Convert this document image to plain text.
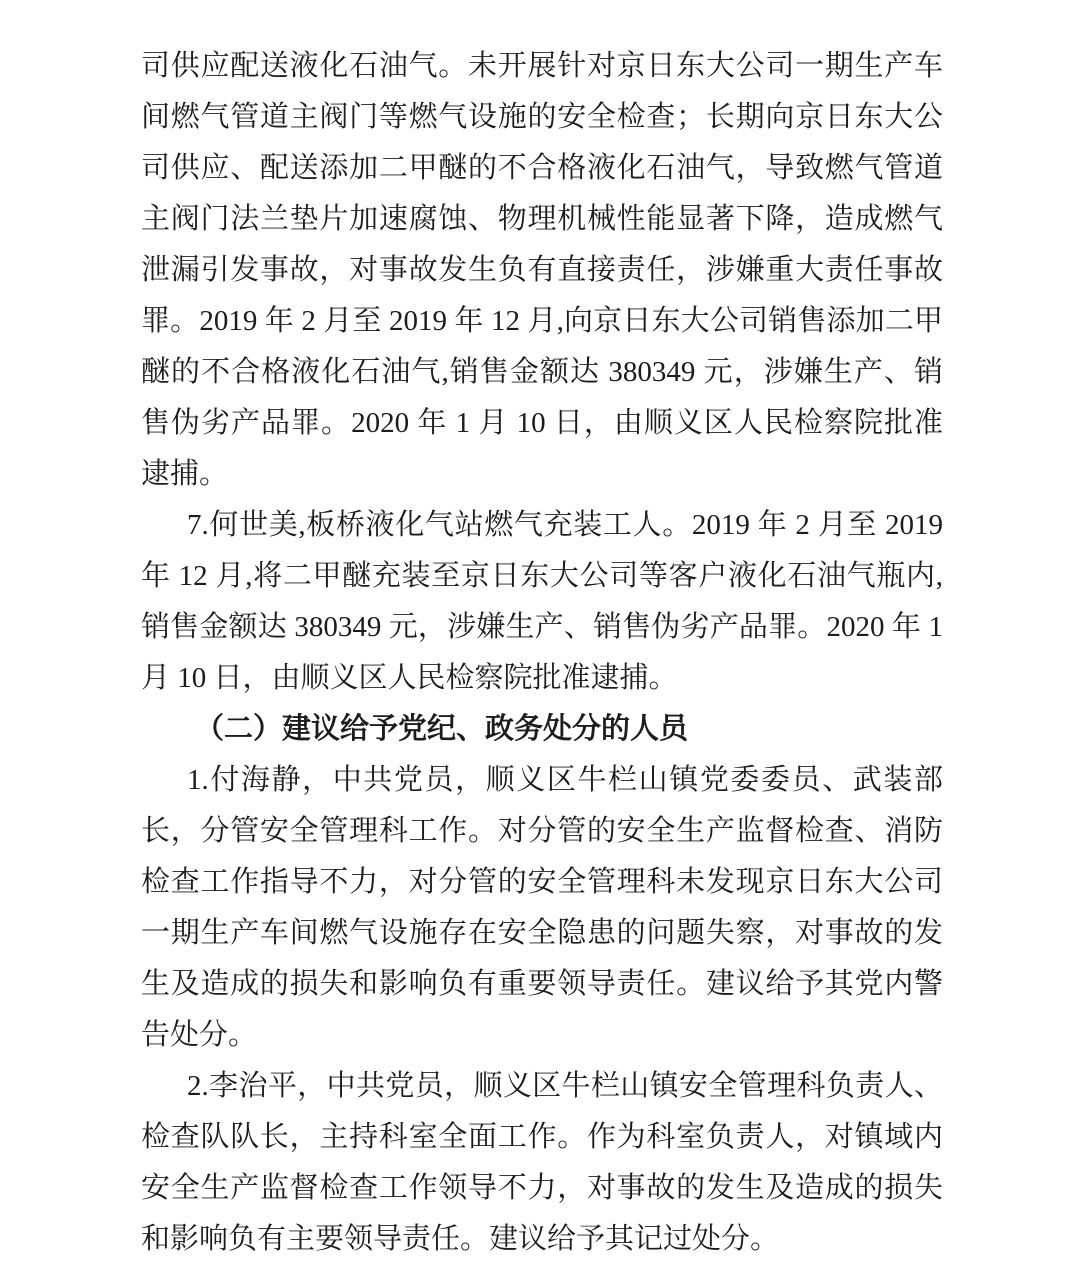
司供应配送液化石油气。未开展针对京日东大公司一期生产车间燃气管道主阀门等燃气设施的安全检查；长期向京日东大公司供应、配送添加二甲醚的不合格液化石油气，导致燃气管道主阀门法兰垫片加速腐蚀、物理机械性能显著下降，造成燃气泄漏引发事故，对事故发生负有直接责任，涉嫌重大责任事故罪。2019 年 2 月至 2019 年 12 月,向京日东大公司销售添加二甲醚的不合格液化石油气,销售金额达 380349 元，涉嫌生产、销售伪劣产品罪。2020 年 1 月 10 日，由顺义区人民检察院批准逮捕。

7.何世美,板桥液化气站燃气充装工人。2019 年 2 月至 2019 年 12 月,将二甲醚充装至京日东大公司等客户液化石油气瓶内,销售金额达 380349 元，涉嫌生产、销售伪劣产品罪。2020 年 1 月 10 日，由顺义区人民检察院批准逮捕。

（二）建议给予党纪、政务处分的人员

1.付海静，中共党员，顺义区牛栏山镇党委委员、武装部长，分管安全管理科工作。对分管的安全生产监督检查、消防检查工作指导不力，对分管的安全管理科未发现京日东大公司一期生产车间燃气设施存在安全隐患的问题失察，对事故的发生及造成的损失和影响负有重要领导责任。建议给予其党内警告处分。

2.李治平，中共党员，顺义区牛栏山镇安全管理科负责人、检查队队长，主持科室全面工作。作为科室负责人，对镇域内安全生产监督检查工作领导不力，对事故的发生及造成的损失和影响负有主要领导责任。建议给予其记过处分。
